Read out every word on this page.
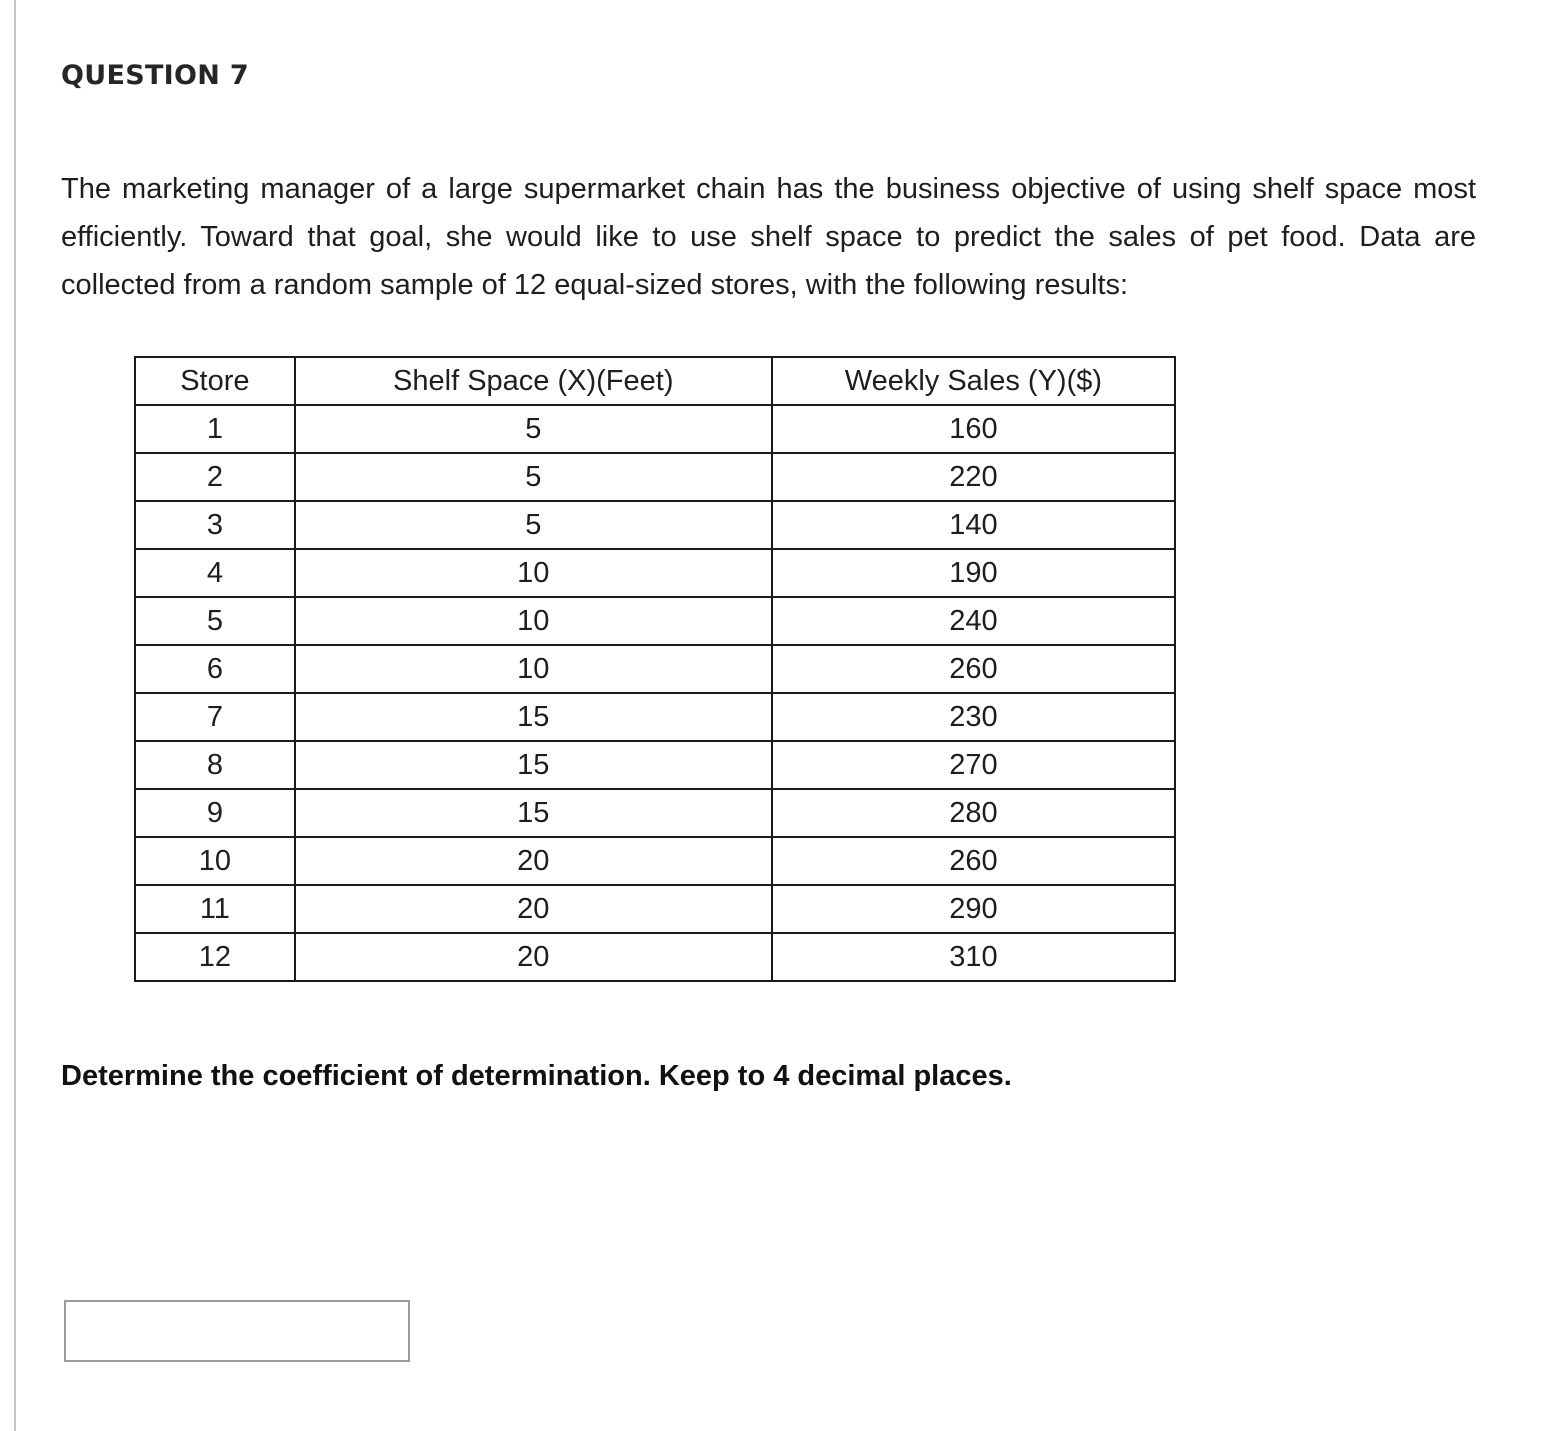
QUESTION 7

The marketing manager of a large supermarket chain has the business objective of using shelf space most efficiently. Toward that goal, she would like to use shelf space to predict the sales of pet food. Data are collected from a random sample of 12 equal-sized stores, with the following results:

Store	Shelf Space (X)(Feet)	Weekly Sales (Y)($)
1	5	160
2	5	220
3	5	140
4	10	190
5	10	240
6	10	260
7	15	230
8	15	270
9	15	280
10	20	260
11	20	290
12	20	310

Determine the coefficient of determination. Keep to 4 decimal places.
